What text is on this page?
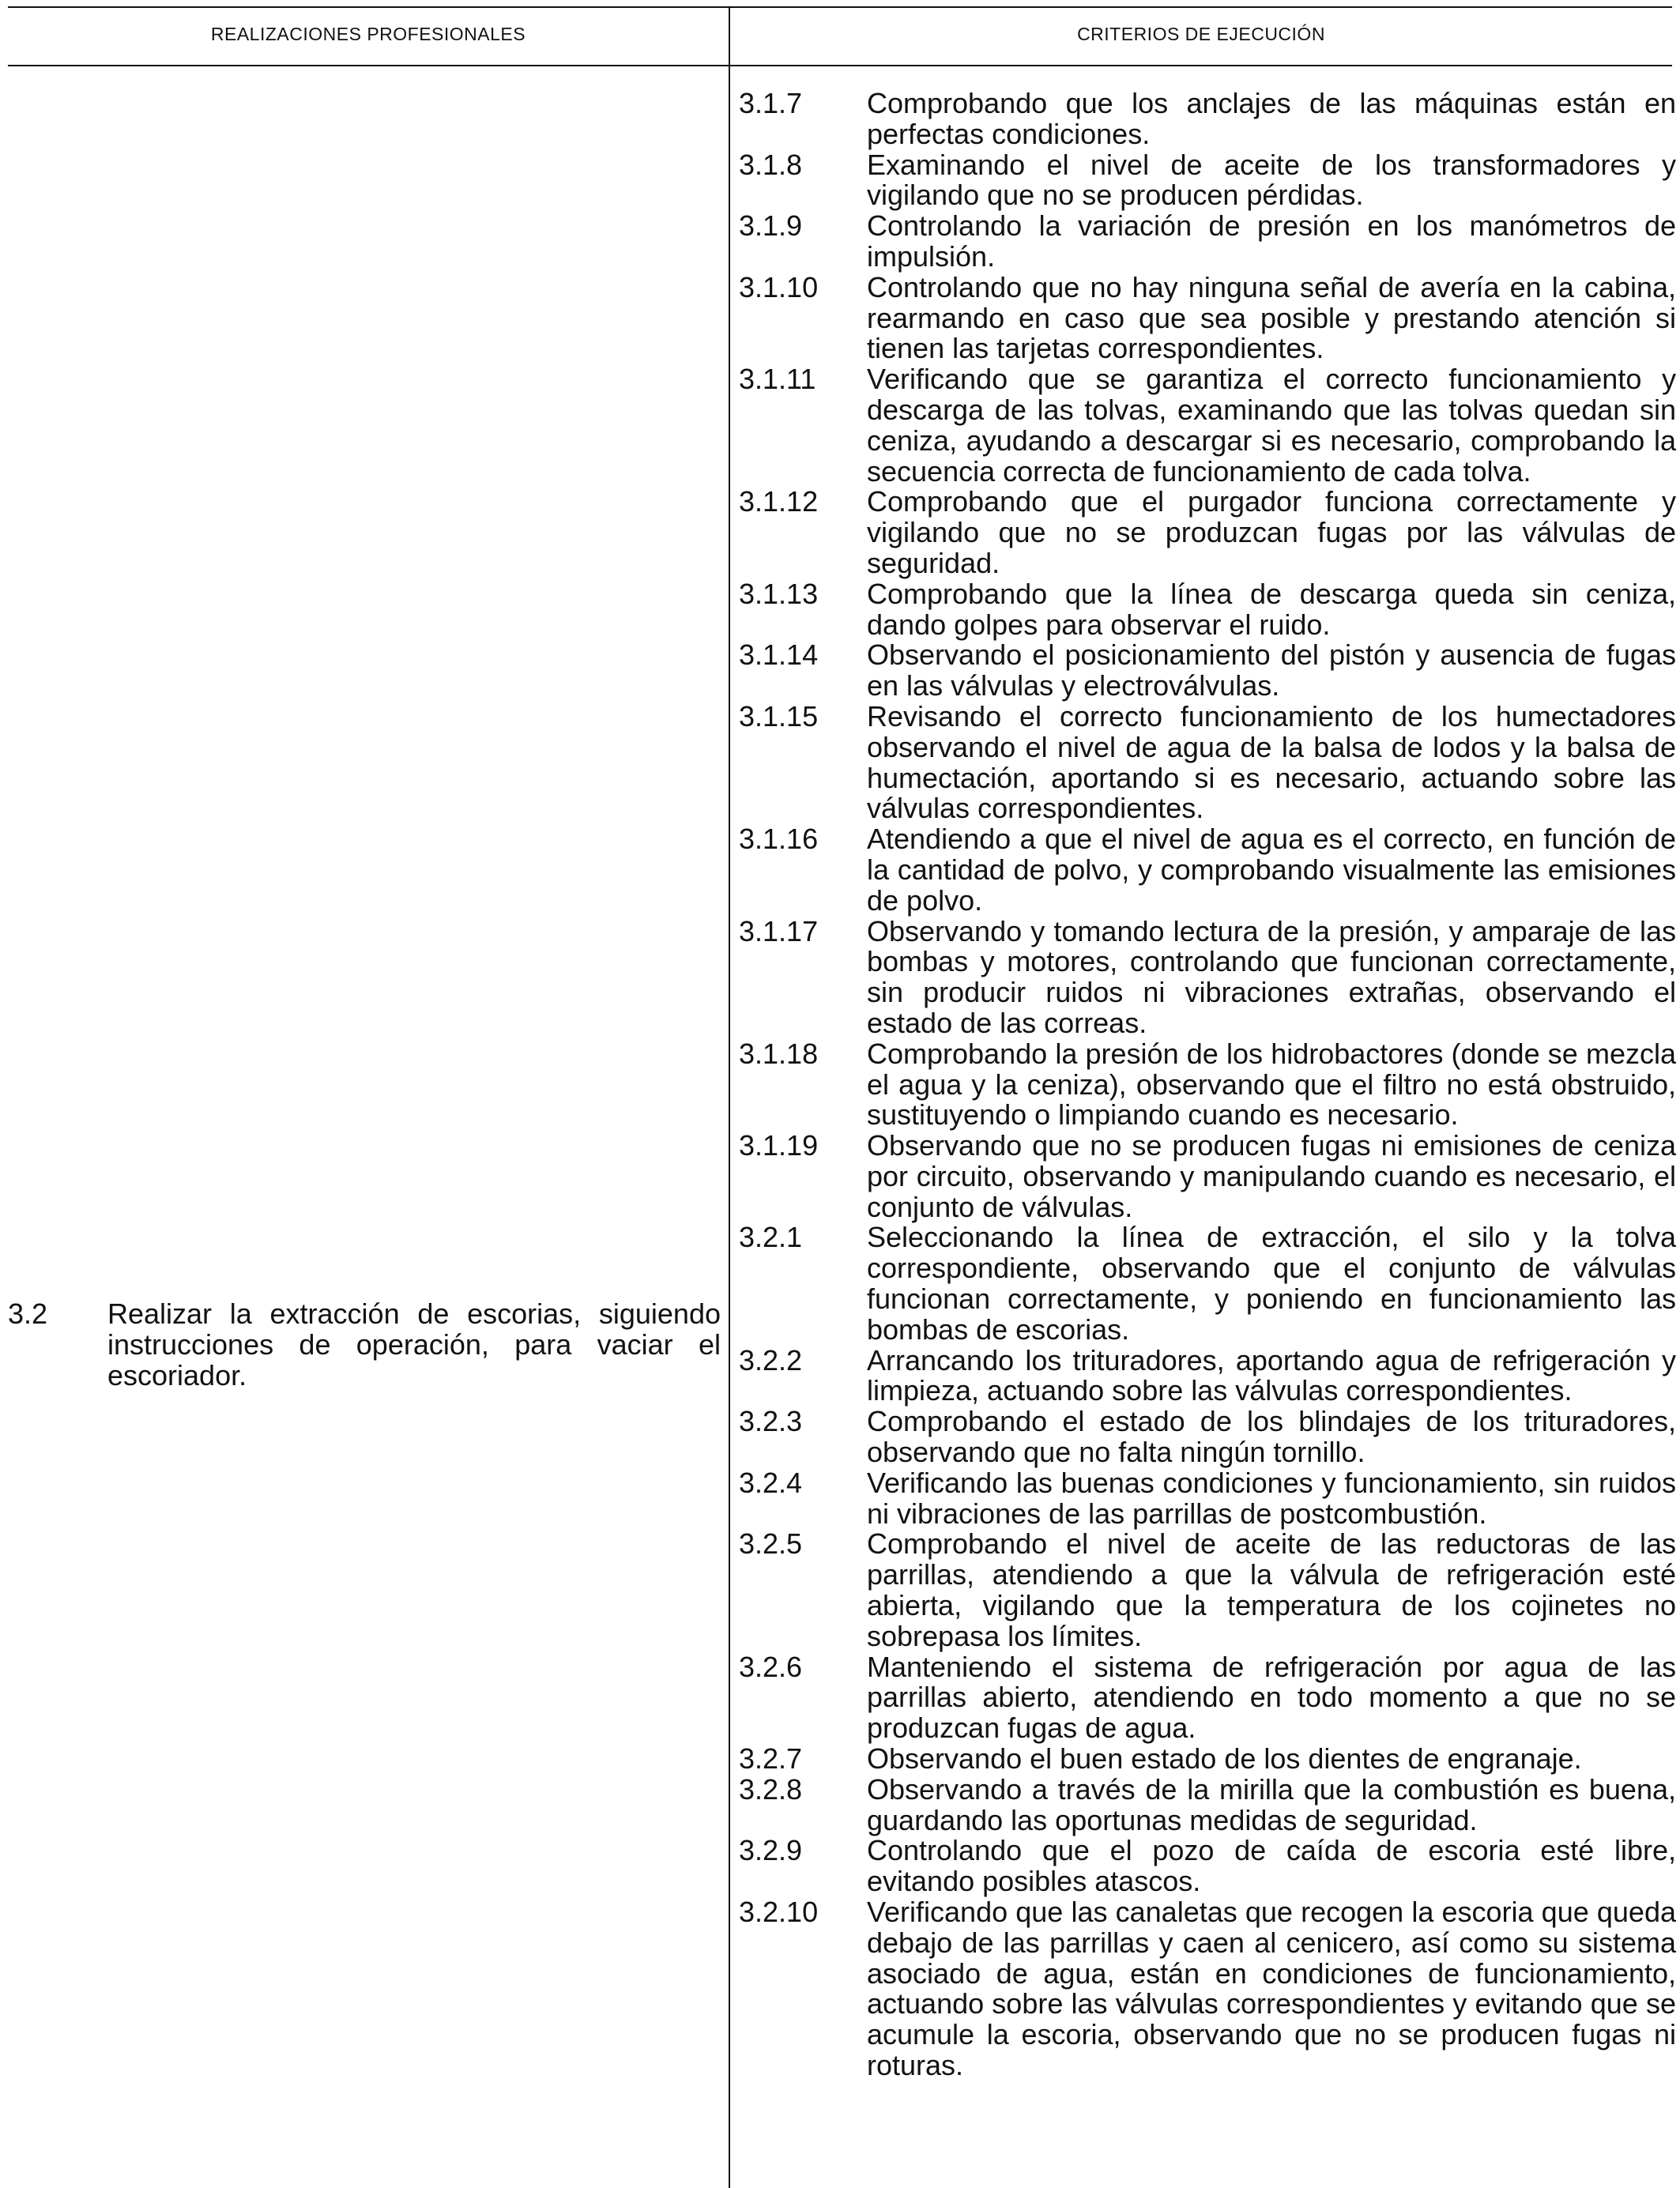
REALIZACIONES PROFESIONALES	CRITERIOS DE EJECUCIÓN
3.2 Realizar la extracción de escorias, siguiendo instrucciones de operación, para vaciar el escoriador.
3.1.7 Comprobando que los anclajes de las máquinas están en perfectas condiciones.
3.1.8 Examinando el nivel de aceite de los transformadores y vigilando que no se producen pérdidas.
3.1.9 Controlando la variación de presión en los manómetros de impulsión.
3.1.10 Controlando que no hay ninguna señal de avería en la cabina, rearmando en caso que sea posible y prestando atención si tienen las tarjetas correspondientes.
3.1.11 Verificando que se garantiza el correcto funcionamiento y descarga de las tolvas, examinando que las tolvas quedan sin ceniza, ayudando a descargar si es necesario, comprobando la secuencia correcta de funcionamiento de cada tolva.
3.1.12 Comprobando que el purgador funciona correctamente y vigilando que no se produzcan fugas por las válvulas de seguridad.
3.1.13 Comprobando que la línea de descarga queda sin ceniza, dando golpes para observar el ruido.
3.1.14 Observando el posicionamiento del pistón y ausencia de fugas en las válvulas y electroválvulas.
3.1.15 Revisando el correcto funcionamiento de los humectadores observando el nivel de agua de la balsa de lodos y la balsa de humectación, aportando si es necesario, actuando sobre las válvulas correspondientes.
3.1.16 Atendiendo a que el nivel de agua es el correcto, en función de la cantidad de polvo, y comprobando visualmente las emisiones de polvo.
3.1.17 Observando y tomando lectura de la presión, y amparaje de las bombas y motores, controlando que funcionan correctamente, sin producir ruidos ni vibraciones extrañas, observando el estado de las correas.
3.1.18 Comprobando la presión de los hidrobactores (donde se mezcla el agua y la ceniza), observando que el filtro no está obstruido, sustituyendo o limpiando cuando es necesario.
3.1.19 Observando que no se producen fugas ni emisiones de ceniza por circuito, observando y manipulando cuando es necesario, el conjunto de válvulas.
3.2.1 Seleccionando la línea de extracción, el silo y la tolva correspondiente, observando que el conjunto de válvulas funcionan correctamente, y poniendo en funcionamiento las bombas de escorias.
3.2.2 Arrancando los trituradores, aportando agua de refrigeración y limpieza, actuando sobre las válvulas correspondientes.
3.2.3 Comprobando el estado de los blindajes de los trituradores, observando que no falta ningún tornillo.
3.2.4 Verificando las buenas condiciones y funcionamiento, sin ruidos ni vibraciones de las parrillas de postcombustión.
3.2.5 Comprobando el nivel de aceite de las reductoras de las parrillas, atendiendo a que la válvula de refrigeración esté abierta, vigilando que la temperatura de los cojinetes no sobrepasa los límites.
3.2.6 Manteniendo el sistema de refrigeración por agua de las parrillas abierto, atendiendo en todo momento a que no se produzcan fugas de agua.
3.2.7 Observando el buen estado de los dientes de engranaje.
3.2.8 Observando a través de la mirilla que la combustión es buena, guardando las oportunas medidas de seguridad.
3.2.9 Controlando que el pozo de caída de escoria esté libre, evitando posibles atascos.
3.2.10 Verificando que las canaletas que recogen la escoria que queda debajo de las parrillas y caen al cenicero, así como su sistema asociado de agua, están en condiciones de funcionamiento, actuando sobre las válvulas correspondientes y evitando que se acumule la escoria, observando que no se producen fugas ni roturas.
